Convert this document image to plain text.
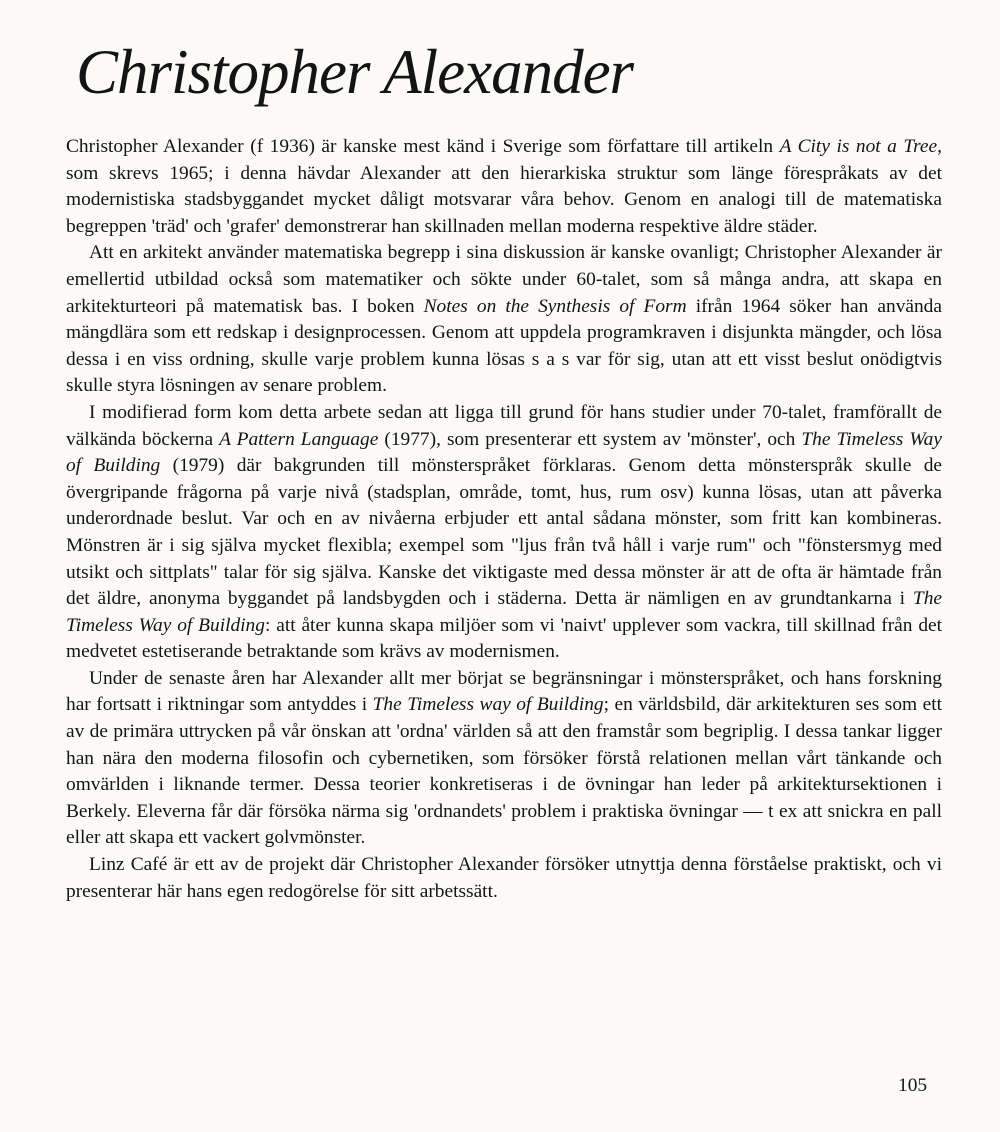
Christopher Alexander

Christopher Alexander (f 1936) är kanske mest känd i Sverige som författare till artikeln A City is not a Tree, som skrevs 1965; i denna hävdar Alexander att den hierarkiska struktur som länge förespråkats av det modernistiska stadsbyggandet mycket dåligt motsvarar våra behov. Genom en analogi till de matematiska begreppen 'träd' och 'grafer' demonstrerar han skillnaden mellan moderna respektive äldre städer.

Att en arkitekt använder matematiska begrepp i sina diskussion är kanske ovanligt; Christopher Alexander är emellertid utbildad också som matematiker och sökte under 60-talet, som så många andra, att skapa en arkitekturteori på matematisk bas. I boken Notes on the Synthesis of Form ifrån 1964 söker han använda mängdlära som ett redskap i designprocessen. Genom att uppdela programkraven i disjunkta mängder, och lösa dessa i en viss ordning, skulle varje problem kunna lösas s a s var för sig, utan att ett visst beslut onödigtvis skulle styra lösningen av senare problem.

I modifierad form kom detta arbete sedan att ligga till grund för hans studier under 70-talet, framförallt de välkända böckerna A Pattern Language (1977), som presenterar ett system av 'mönster', och The Timeless Way of Building (1979) där bakgrunden till mönsterspråket förklaras. Genom detta mönsterspråk skulle de övergripande frågorna på varje nivå (stadsplan, område, tomt, hus, rum osv) kunna lösas, utan att påverka underordnade beslut. Var och en av nivåerna erbjuder ett antal sådana mönster, som fritt kan kombineras. Mönstren är i sig själva mycket flexibla; exempel som "ljus från två håll i varje rum" och "fönstersmyg med utsikt och sittplats" talar för sig själva. Kanske det viktigaste med dessa mönster är att de ofta är hämtade från det äldre, anonyma byggandet på landsbygden och i städerna. Detta är nämligen en av grundtankarna i The Timeless Way of Building: att åter kunna skapa miljöer som vi 'naivt' upplever som vackra, till skillnad från det medvetet estetiserande betraktande som krävs av modernismen.

Under de senaste åren har Alexander allt mer börjat se begränsningar i mönsterspråket, och hans forskning har fortsatt i riktningar som antyddes i The Timeless way of Building; en världsbild, där arkitekturen ses som ett av de primära uttrycken på vår önskan att 'ordna' världen så att den framstår som begriplig. I dessa tankar ligger han nära den moderna filosofin och cybernetiken, som försöker förstå relationen mellan vårt tänkande och omvärlden i liknande termer. Dessa teorier konkretiseras i de övningar han leder på arkitektursektionen i Berkely. Eleverna får där försöka närma sig 'ordnandets' problem i praktiska övningar — t ex att snickra en pall eller att skapa ett vackert golvmönster.

Linz Café är ett av de projekt där Christopher Alexander försöker utnyttja denna förståelse praktiskt, och vi presenterar här hans egen redogörelse för sitt arbetssätt.

105
